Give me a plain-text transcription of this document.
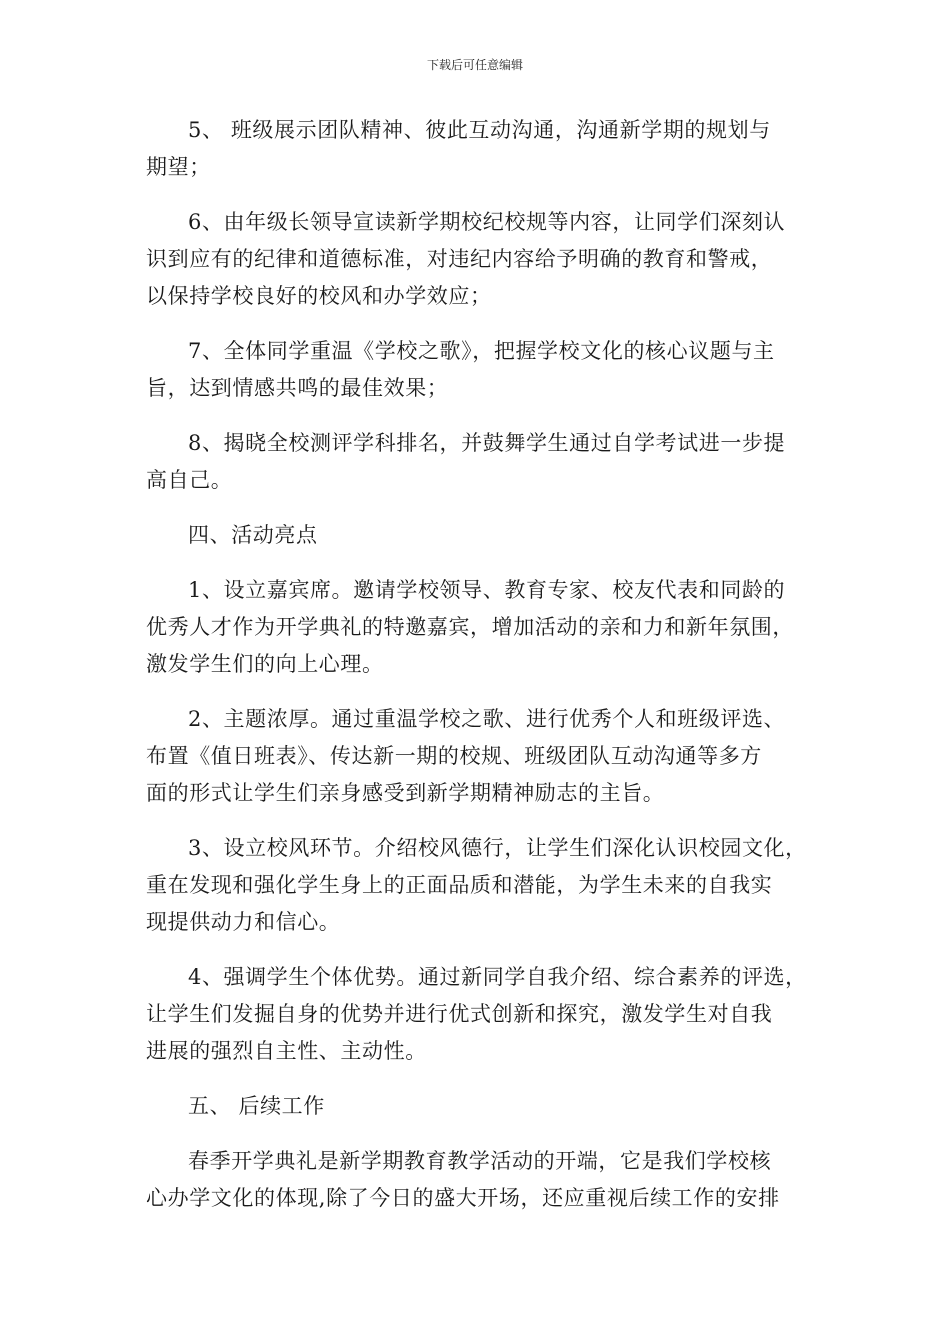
下载后可任意编辑
5、 班级展示团队精神、彼此互动沟通，沟通新学期的规划与
期望；
6、由年级长领导宣读新学期校纪校规等内容，让同学们深刻认
识到应有的纪律和道德标准，对违纪内容给予明确的教育和警戒，
以保持学校良好的校风和办学效应；
7、全体同学重温《学校之歌》，把握学校文化的核心议题与主
旨，达到情感共鸣的最佳效果；
8、揭晓全校测评学科排名，并鼓舞学生通过自学考试进一步提
高自己。
四、活动亮点
1、设立嘉宾席。邀请学校领导、教育专家、校友代表和同龄的
优秀人才作为开学典礼的特邀嘉宾，增加活动的亲和力和新年氛围，
激发学生们的向上心理。
2、主题浓厚。通过重温学校之歌、进行优秀个人和班级评选、
布置《值日班表》、传达新一期的校规、班级团队互动沟通等多方
面的形式让学生们亲身感受到新学期精神励志的主旨。
3、设立校风环节。介绍校风德行，让学生们深化认识校园文化，
重在发现和强化学生身上的正面品质和潜能，为学生未来的自我实
现提供动力和信心。
4、强调学生个体优势。通过新同学自我介绍、综合素养的评选，
让学生们发掘自身的优势并进行优式创新和探究，激发学生对自我
进展的强烈自主性、主动性。
五、 后续工作
春季开学典礼是新学期教育教学活动的开端，它是我们学校核
心办学文化的体现,除了今日的盛大开场，还应重视后续工作的安排
